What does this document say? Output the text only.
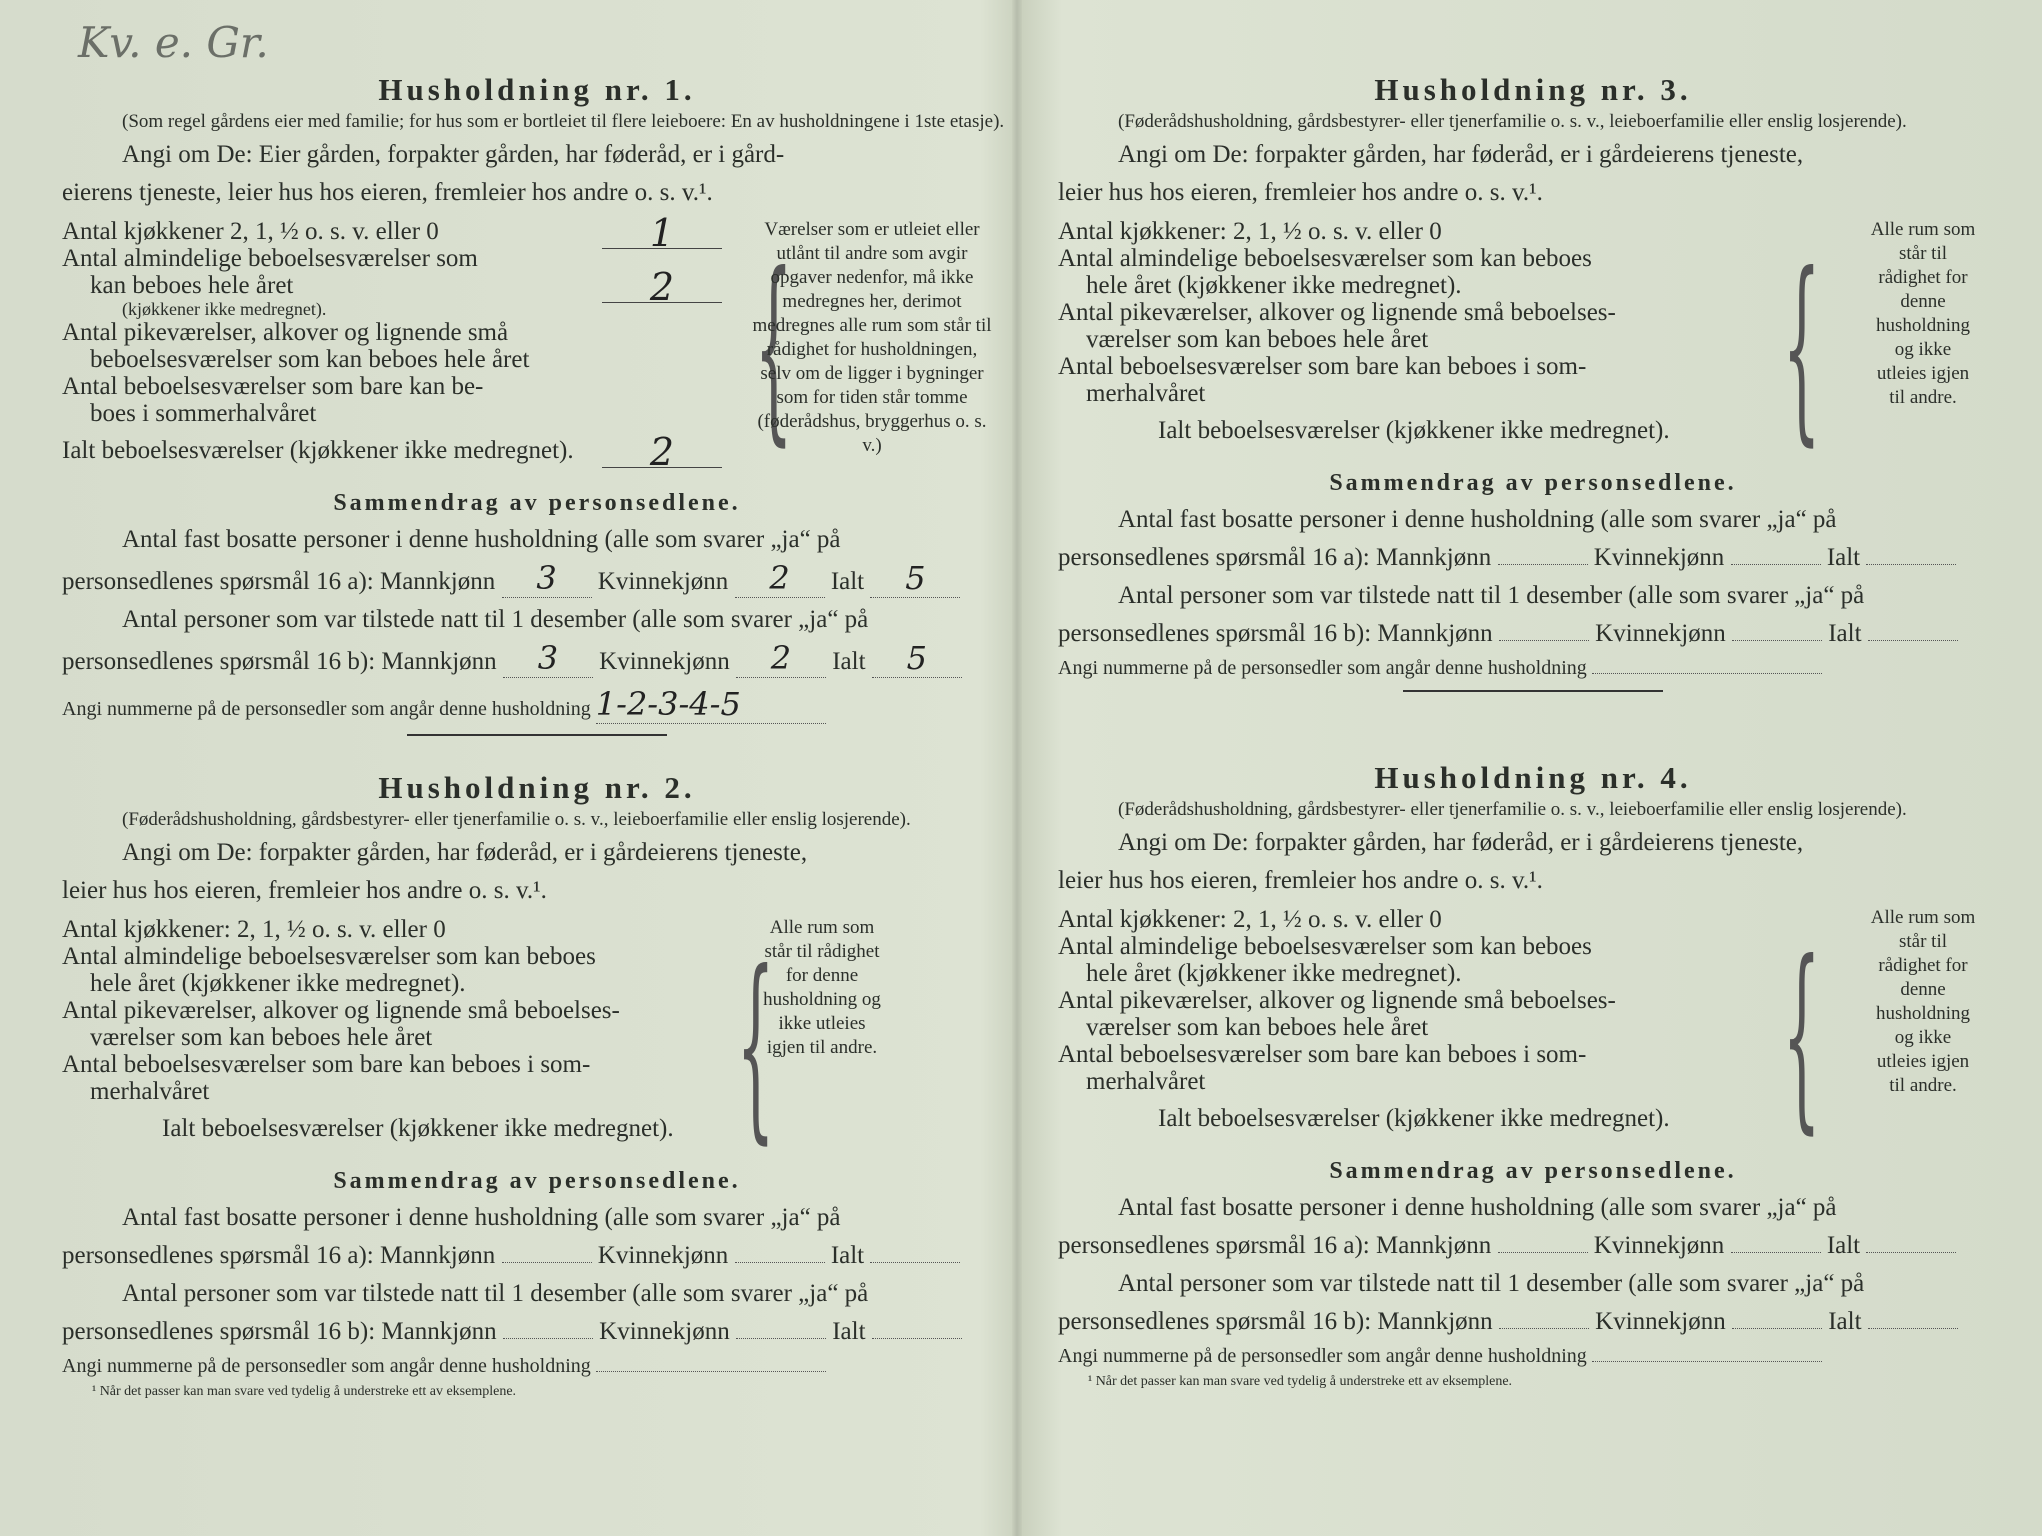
Kv. e. Gr.
Husholdning nr. 1.

(Som regel gårdens eier med familie; for hus som er bortleiet til flere leieboere: En av husholdningene i 1ste etasje).

Angi om De: Eier gården, forpakter gården, har føderåd, er i gård-
eierens tjeneste, leier hus hos eieren, fremleier hos andre o. s. v.¹.

Antal kjøkkener 2, 1, ½ o. s. v. eller 0	1

Antal almindelige beboelsesværelser som

kan beboes hele året	2

(kjøkkener ikke medregnet).

Antal pikeværelser, alkover og lignende små

beboelsesværelser som kan beboes hele året

Antal beboelsesværelser som bare kan be-

boes i sommerhalvåret

Ialt beboelsesværelser (kjøkkener ikke medregnet).	2 {
Værelser som er utleiet eller utlånt til andre som avgir opgaver nedenfor, må ikke medregnes her, derimot medregnes alle rum som står til rådighet for husholdningen, selv om de ligger i bygninger som for tiden står tomme (føderådshus, bryggerhus o. s. v.)

Sammendrag av personsedlene.

Antal fast bosatte personer i denne husholdning (alle som svarer „ja“ på
personsedlenes spørsmål 16 a): Mannkjønn 3 Kvinnekjønn 2 Ialt 5

Antal personer som var tilstede natt til 1 desember (alle som svarer „ja“ på
personsedlenes spørsmål 16 b): Mannkjønn 3 Kvinnekjønn 2 Ialt 5

Angi nummerne på de personsedler som angår denne husholdning 1-2-3-4-5

Husholdning nr. 2.

(Føderådshusholdning, gårdsbestyrer- eller tjenerfamilie o. s. v., leieboerfamilie eller enslig losjerende).

Angi om De: forpakter gården, har føderåd, er i gårdeierens tjeneste,
leier hus hos eieren, fremleier hos andre o. s. v.¹.

Antal kjøkkener: 2, 1, ½ o. s. v. eller 0

Antal almindelige beboelsesværelser som kan beboes

hele året (kjøkkener ikke medregnet).

Antal pikeværelser, alkover og lignende små beboelses-

værelser som kan beboes hele året

Antal beboelsesværelser som bare kan beboes i som-

merhalvåret

Ialt beboelsesværelser (kjøkkener ikke medregnet). {
Alle rum som står til rådighet for denne husholdning og ikke utleies igjen til andre.

Sammendrag av personsedlene.

Antal fast bosatte personer i denne husholdning (alle som svarer „ja“ på
personsedlenes spørsmål 16 a): Mannkjønn	Kvinnekjønn	Ialt

Antal personer som var tilstede natt til 1 desember (alle som svarer „ja“ på
personsedlenes spørsmål 16 b): Mannkjønn	Kvinnekjønn	Ialt

Angi nummerne på de personsedler som angår denne husholdning

¹ Når det passer kan man svare ved tydelig å understreke ett av eksemplene.

Husholdning nr. 3.

(Føderådshusholdning, gårdsbestyrer- eller tjenerfamilie o. s. v., leieboerfamilie eller enslig losjerende).

Angi om De: forpakter gården, har føderåd, er i gårdeierens tjeneste,
leier hus hos eieren, fremleier hos andre o. s. v.¹.

Antal kjøkkener: 2, 1, ½ o. s. v. eller 0

Antal almindelige beboelsesværelser som kan beboes

hele året (kjøkkener ikke medregnet).

Antal pikeværelser, alkover og lignende små beboelses-

værelser som kan beboes hele året

Antal beboelsesværelser som bare kan beboes i som-

merhalvåret

Ialt beboelsesværelser (kjøkkener ikke medregnet). {
Alle rum som står til rådighet for denne husholdning og ikke utleies igjen til andre.

Sammendrag av personsedlene.

Antal fast bosatte personer i denne husholdning (alle som svarer „ja“ på
personsedlenes spørsmål 16 a): Mannkjønn	Kvinnekjønn	Ialt

Antal personer som var tilstede natt til 1 desember (alle som svarer „ja“ på
personsedlenes spørsmål 16 b): Mannkjønn	Kvinnekjønn	Ialt

Angi nummerne på de personsedler som angår denne husholdning

Husholdning nr. 4.

(Føderådshusholdning, gårdsbestyrer- eller tjenerfamilie o. s. v., leieboerfamilie eller enslig losjerende).

Angi om De: forpakter gården, har føderåd, er i gårdeierens tjeneste,
leier hus hos eieren, fremleier hos andre o. s. v.¹.

Antal kjøkkener: 2, 1, ½ o. s. v. eller 0

Antal almindelige beboelsesværelser som kan beboes

hele året (kjøkkener ikke medregnet).

Antal pikeværelser, alkover og lignende små beboelses-

værelser som kan beboes hele året

Antal beboelsesværelser som bare kan beboes i som-

merhalvåret

Ialt beboelsesværelser (kjøkkener ikke medregnet). {
Alle rum som står til rådighet for denne husholdning og ikke utleies igjen til andre.

Sammendrag av personsedlene.

Antal fast bosatte personer i denne husholdning (alle som svarer „ja“ på
personsedlenes spørsmål 16 a): Mannkjønn	Kvinnekjønn	Ialt

Antal personer som var tilstede natt til 1 desember (alle som svarer „ja“ på
personsedlenes spørsmål 16 b): Mannkjønn	Kvinnekjønn	Ialt

Angi nummerne på de personsedler som angår denne husholdning

¹ Når det passer kan man svare ved tydelig å understreke ett av eksemplene.
